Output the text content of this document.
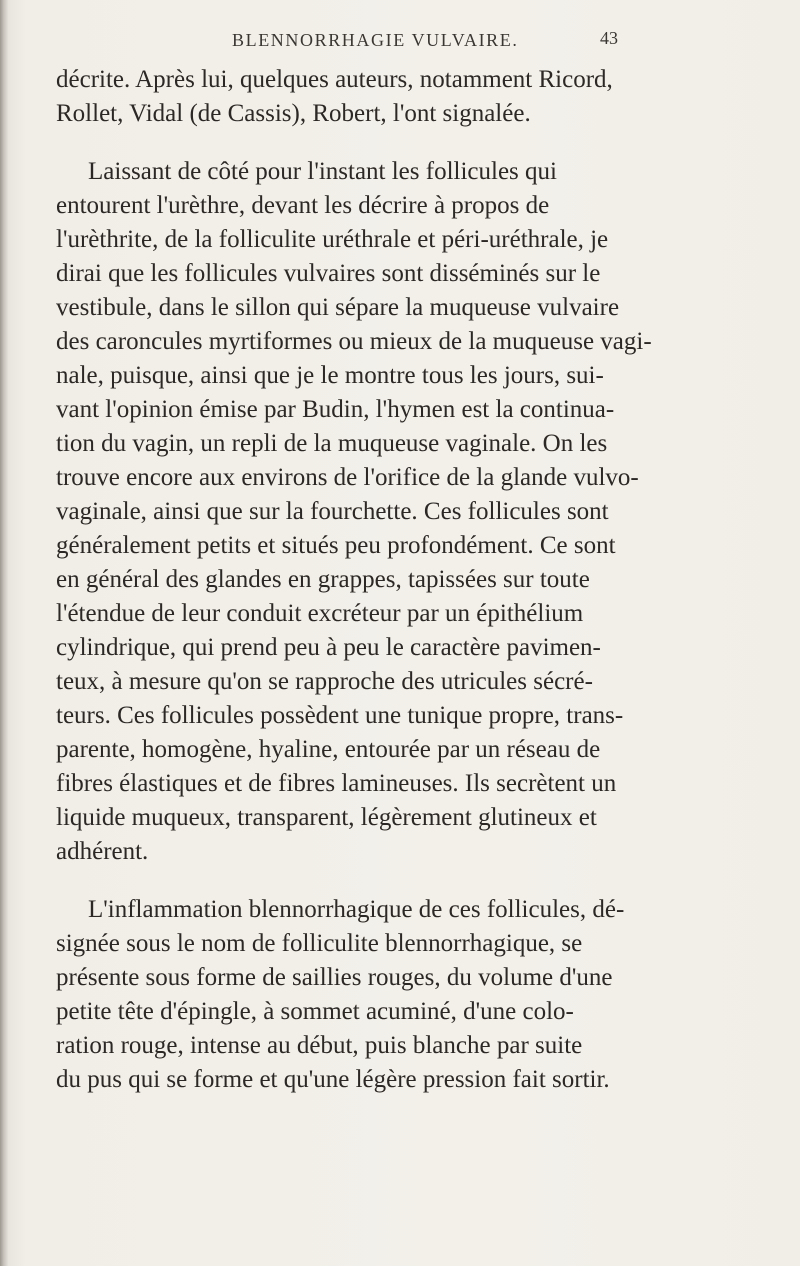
BLENNORRHAGIE VULVAIRE.	43
décrite. Après lui, quelques auteurs, notamment Ricord,
Rollet, Vidal (de Cassis), Robert, l'ont signalée.
Laissant de côté pour l'instant les follicules qui
entourent l'urèthre, devant les décrire à propos de
l'urèthrite, de la folliculite uréthrale et péri-uréthrale, je
dirai que les follicules vulvaires sont disséminés sur le
vestibule, dans le sillon qui sépare la muqueuse vulvaire
des caroncules myrtiformes ou mieux de la muqueuse vagi-
nale, puisque, ainsi que je le montre tous les jours, sui-
vant l'opinion émise par Budin, l'hymen est la continua-
tion du vagin, un repli de la muqueuse vaginale. On les
trouve encore aux environs de l'orifice de la glande vulvo-
vaginale, ainsi que sur la fourchette. Ces follicules sont
généralement petits et situés peu profondément. Ce sont
en général des glandes en grappes, tapissées sur toute
l'étendue de leur conduit excréteur par un épithélium
cylindrique, qui prend peu à peu le caractère pavimen-
teux, à mesure qu'on se rapproche des utricules sécré-
teurs. Ces follicules possèdent une tunique propre, trans-
parente, homogène, hyaline, entourée par un réseau de
fibres élastiques et de fibres lamineuses. Ils secrètent un
liquide muqueux, transparent, légèrement glutineux et
adhérent.
L'inflammation blennorrhagique de ces follicules, dé-
signée sous le nom de folliculite blennorrhagique, se
présente sous forme de saillies rouges, du volume d'une
petite tête d'épingle, à sommet acuminé, d'une colo-
ration rouge, intense au début, puis blanche par suite
du pus qui se forme et qu'une légère pression fait sortir.
